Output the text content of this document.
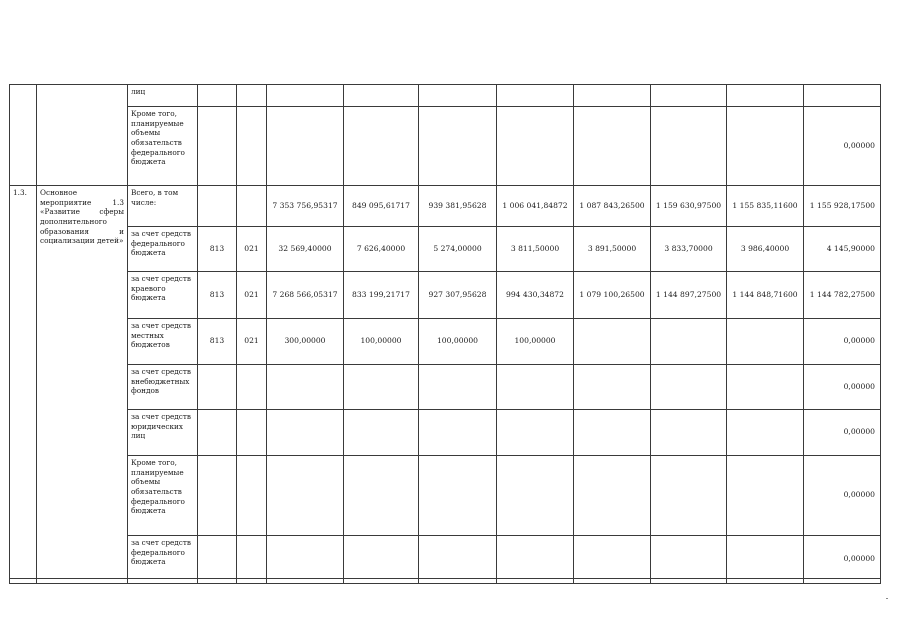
		лиц										
		Кроме того, планируемые объемы обязательств федерального бюджета										0,00000
1.3.	Основное мероприятие 1.3 «Развитие сферы дополнительного образования и социализации детей»	Всего, в том числе:			7 353 756,95317	849 095,61717	939 381,95628	1 006 041,84872	1 087 843,26500	1 159 630,97500	1 155 835,11600	1 155 928,17500
		за счет средств федерального бюджета	813	021	32 569,40000	7 626,40000	5 274,00000	3 811,50000	3 891,50000	3 833,70000	3 986,40000	4 145,90000
		за счет средств краевого бюджета	813	021	7 268 566,05317	833 199,21717	927 307,95628	994 430,34872	1 079 100,26500	1 144 897,27500	1 144 848,71600	1 144 782,27500
		за счет средств местных бюджетов	813	021	300,00000	100,00000	100,00000	100,00000				0,00000
		за счет средств внебюджетных фондов										0,00000
		за счет средств юридических лиц										0,00000
		Кроме того, планируемые объемы обязательств федерального бюджета										0,00000
		за счет средств федерального бюджета										0,00000
